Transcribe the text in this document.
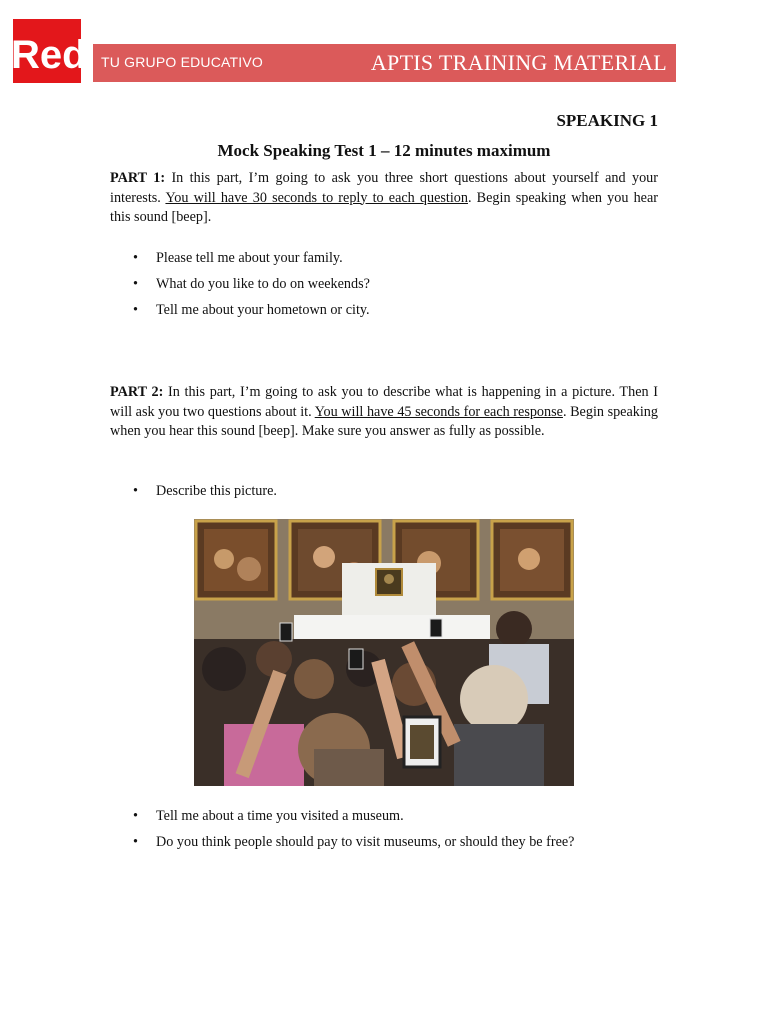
Red TU GRUPO EDUCATIVO	APTIS TRAINING MATERIAL
SPEAKING 1
Mock Speaking Test 1 – 12 minutes maximum
PART 1: In this part, I’m going to ask you three short questions about yourself and your interests. You will have 30 seconds to reply to each question. Begin speaking when you hear this sound [beep].
• Please tell me about your family.
• What do you like to do on weekends?
• Tell me about your hometown or city.
PART 2: In this part, I’m going to ask you to describe what is happening in a picture. Then I will ask you two questions about it. You will have 45 seconds for each response. Begin speaking when you hear this sound [beep]. Make sure you answer as fully as possible.
• Describe this picture.
• Tell me about a time you visited a museum.
• Do you think people should pay to visit museums, or should they be free?
